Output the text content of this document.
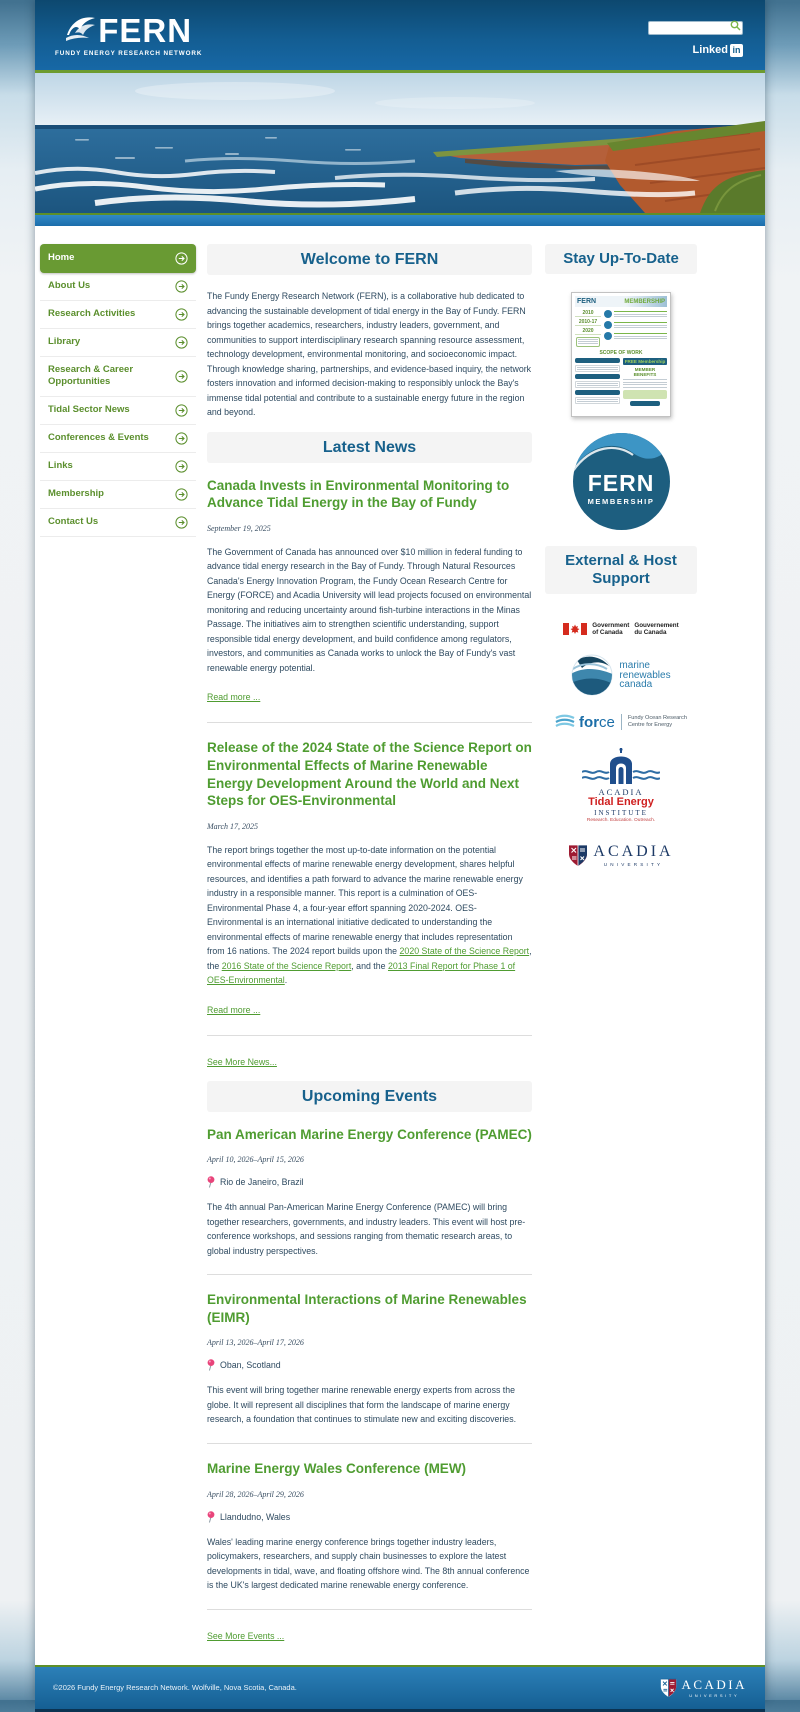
FERN
FUNDY ENERGY RESEARCH NETWORK	Linked in
Home
About Us
Research Activities
Library
Research & Career Opportunities
Tidal Sector News
Conferences & Events
Links
Membership
Contact Us
Welcome to FERN

The Fundy Energy Research Network (FERN), is a collaborative hub dedicated to advancing the sustainable development of tidal energy in the Bay of Fundy. FERN brings together academics, researchers, industry leaders, government, and communities to support interdisciplinary research spanning resource assessment, technology development, environmental monitoring, and socioeconomic impact. Through knowledge sharing, partnerships, and evidence-based inquiry, the network fosters innovation and informed decision-making to responsibly unlock the Bay's immense tidal potential and contribute to a sustainable energy future in the region and beyond.

Latest News
Canada Invests in Environmental Monitoring to Advance Tidal Energy in the Bay of Fundy
September 19, 2025

The Government of Canada has announced over $10 million in federal funding to advance tidal energy research in the Bay of Fundy. Through Natural Resources Canada's Energy Innovation Program, the Fundy Ocean Research Centre for Energy (FORCE) and Acadia University will lead projects focused on environmental monitoring and reducing uncertainty around fish-turbine interactions in the Minas Passage. The initiatives aim to strengthen scientific understanding, support responsible tidal energy development, and build confidence among regulators, investors, and communities as Canada works to unlock the Bay of Fundy's vast renewable energy potential.

Read more ...
Release of the 2024 State of the Science Report on Environmental Effects of Marine Renewable Energy Development Around the World and Next Steps for OES-Environmental
March 17, 2025

The report brings together the most up-to-date information on the potential environmental effects of marine renewable energy development, shares helpful resources, and identifies a path forward to advance the marine renewable energy industry in a responsible manner. This report is a culmination of OES-Environmental Phase 4, a four-year effort spanning 2020-2024. OES-Environmental is an international initiative dedicated to understanding the environmental effects of marine renewable energy that includes representation from 16 nations. The 2024 report builds upon the 2020 State of the Science Report, the 2016 State of the Science Report, and the 2013 Final Report for Phase 1 of OES-Environmental.

Read more ...
See More News...
Upcoming Events
Pan American Marine Energy Conference (PAMEC)
April 10, 2026–April 15, 2026
Rio de Janeiro, Brazil

The 4th annual Pan-American Marine Energy Conference (PAMEC) will bring together researchers, governments, and industry leaders. This event will host pre-conference workshops, and sessions ranging from thematic research areas, to global industry perspectives.

Environmental Interactions of Marine Renewables (EIMR)
April 13, 2026–April 17, 2026
Oban, Scotland

This event will bring together marine renewable energy experts from across the globe. It will represent all disciplines that form the landscape of marine energy research, a foundation that continues to stimulate new and exciting discoveries.

Marine Energy Wales Conference (MEW)
April 28, 2026–April 29, 2026
Llandudno, Wales

Wales' leading marine energy conference brings together industry leaders, policymakers, researchers, and supply chain businesses to explore the latest developments in tidal, wave, and floating offshore wind. The 8th annual conference is the UK's largest dedicated marine renewable energy conference.

See More Events ...
Stay Up-To-Date
FERN	MEMBERSHIP
2010
2010-17
2020
SCOPE OF WORK
FREE Membership
MEMBER BENEFITS
FERN
MEMBERSHIP
External & Host Support
Government
of Canada
Gouvernement
du Canada
marine
renewables
canada
force Fundy Ocean Research
Centre for Energy
ACADIA
Tidal Energy
INSTITUTE
Research. Education. Outreach.
ACADIA
UNIVERSITY
©2026 Fundy Energy Research Network. Wolfville, Nova Scotia, Canada.	ACADIA
UNIVERSITY
